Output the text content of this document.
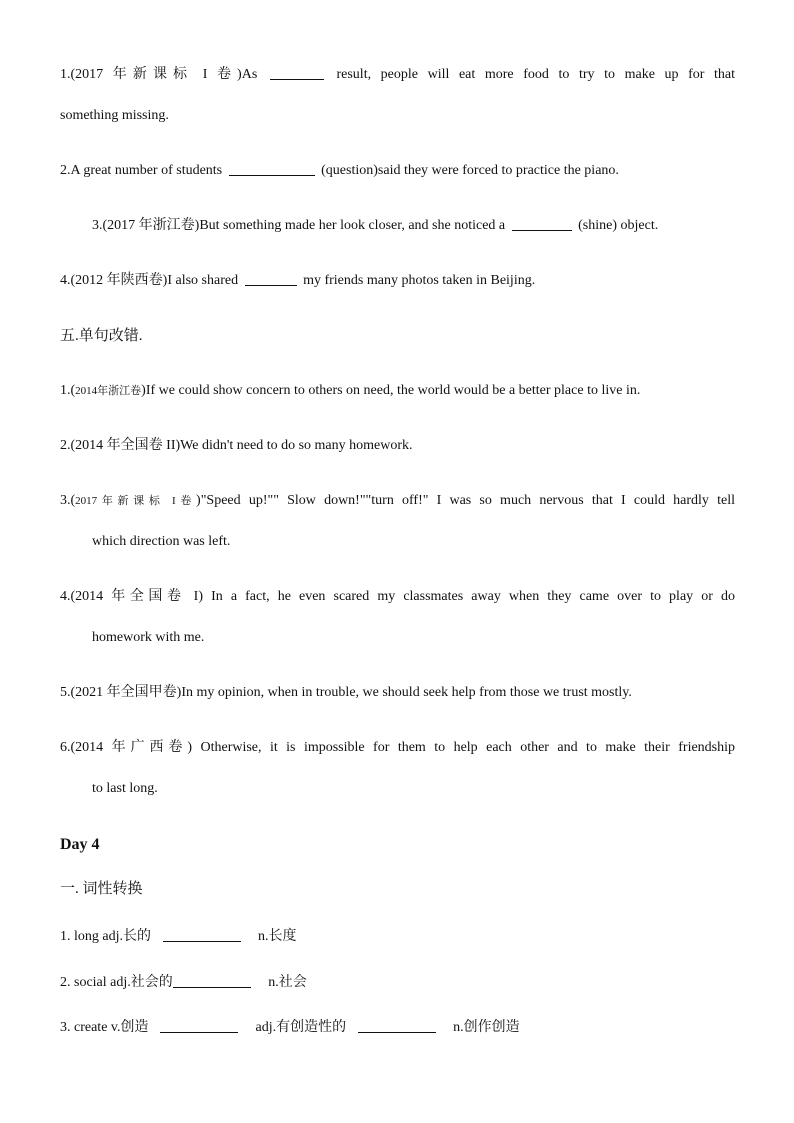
1.(2017 年新课标 I 卷)As	result, people will eat more food to try to make up for that
something missing.
2.A great number of students	(question)said they were forced to practice the piano.
3.(2017 年浙江卷)But something made her look closer, and she noticed a	(shine) object.
4.(2012 年陕西卷)I also shared	my friends many photos taken in Beijing.
五.单句改错.
1.(2014年浙江卷)If we could show concern to others on need, the world would be a better place to live in.
2.(2014 年全国卷 II)We didn't need to do so many homework.
3.(2017年新课标 I卷)"Speed up!"" Slow down!""turn off!" I was so much nervous that I could hardly tell
which direction was left.
4.(2014 年全国卷 I) In a fact, he even scared my classmates away when they came over to play or do
homework with me.
5.(2021 年全国甲卷)In my opinion, when in trouble, we should seek help from those we trust mostly.
6.(2014 年广西卷) Otherwise, it is impossible for them to help each other and to make their friendship
to last long.
Day 4
一. 词性转换
1. long adj.长的	n.长度
2. social adj.社会的	n.社会
3. create v.创造	adj.有创造性的	n.创作创造
